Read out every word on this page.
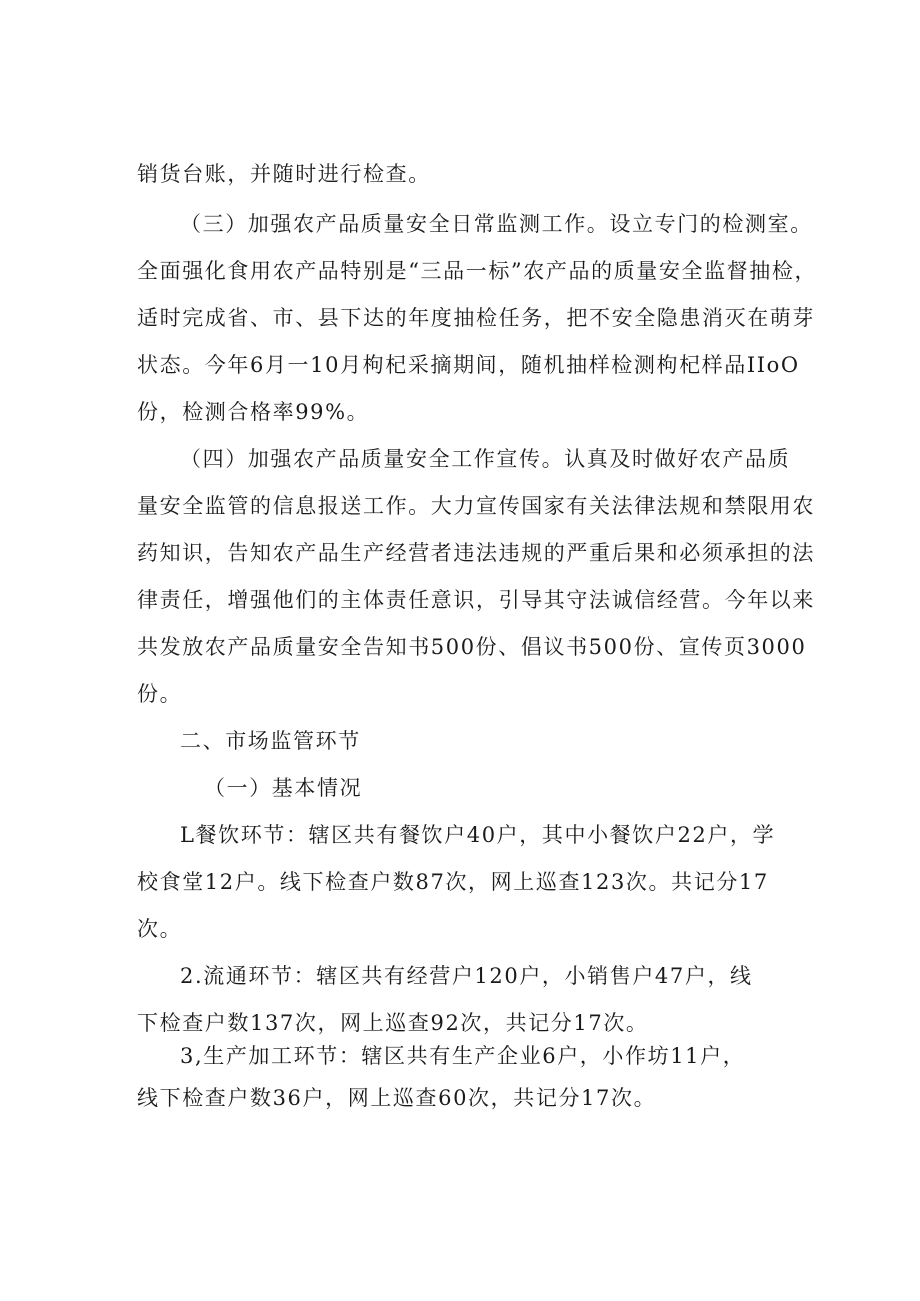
销货台账，并随时进行检查。
（三）加强农产品质量安全日常监测工作。设立专门的检测室。
全面强化食用农产品特别是“三品一标”农产品的质量安全监督抽检，
适时完成省、市、县下达的年度抽检任务，把不安全隐患消灭在萌芽
状态。今年6月一10月枸杞采摘期间，随机抽样检测枸杞样品IIoO
份，检测合格率99%。
（四）加强农产品质量安全工作宣传。认真及时做好农产品质
量安全监管的信息报送工作。大力宣传国家有关法律法规和禁限用农
药知识，告知农产品生产经营者违法违规的严重后果和必须承担的法
律责任，增强他们的主体责任意识，引导其守法诚信经营。今年以来
共发放农产品质量安全告知书500份、倡议书500份、宣传页3000
份。
二、市场监管环节
（一）基本情况
L餐饮环节：辖区共有餐饮户40户，其中小餐饮户22户，学
校食堂12户。线下检查户数87次，网上巡查123次。共记分17
次。
2.流通环节：辖区共有经营户120户，小销售户47户，线
下检查户数137次，网上巡查92次，共记分17次。
3,生产加工环节：辖区共有生产企业6户，小作坊11户，
线下检查户数36户，网上巡查60次，共记分17次。
